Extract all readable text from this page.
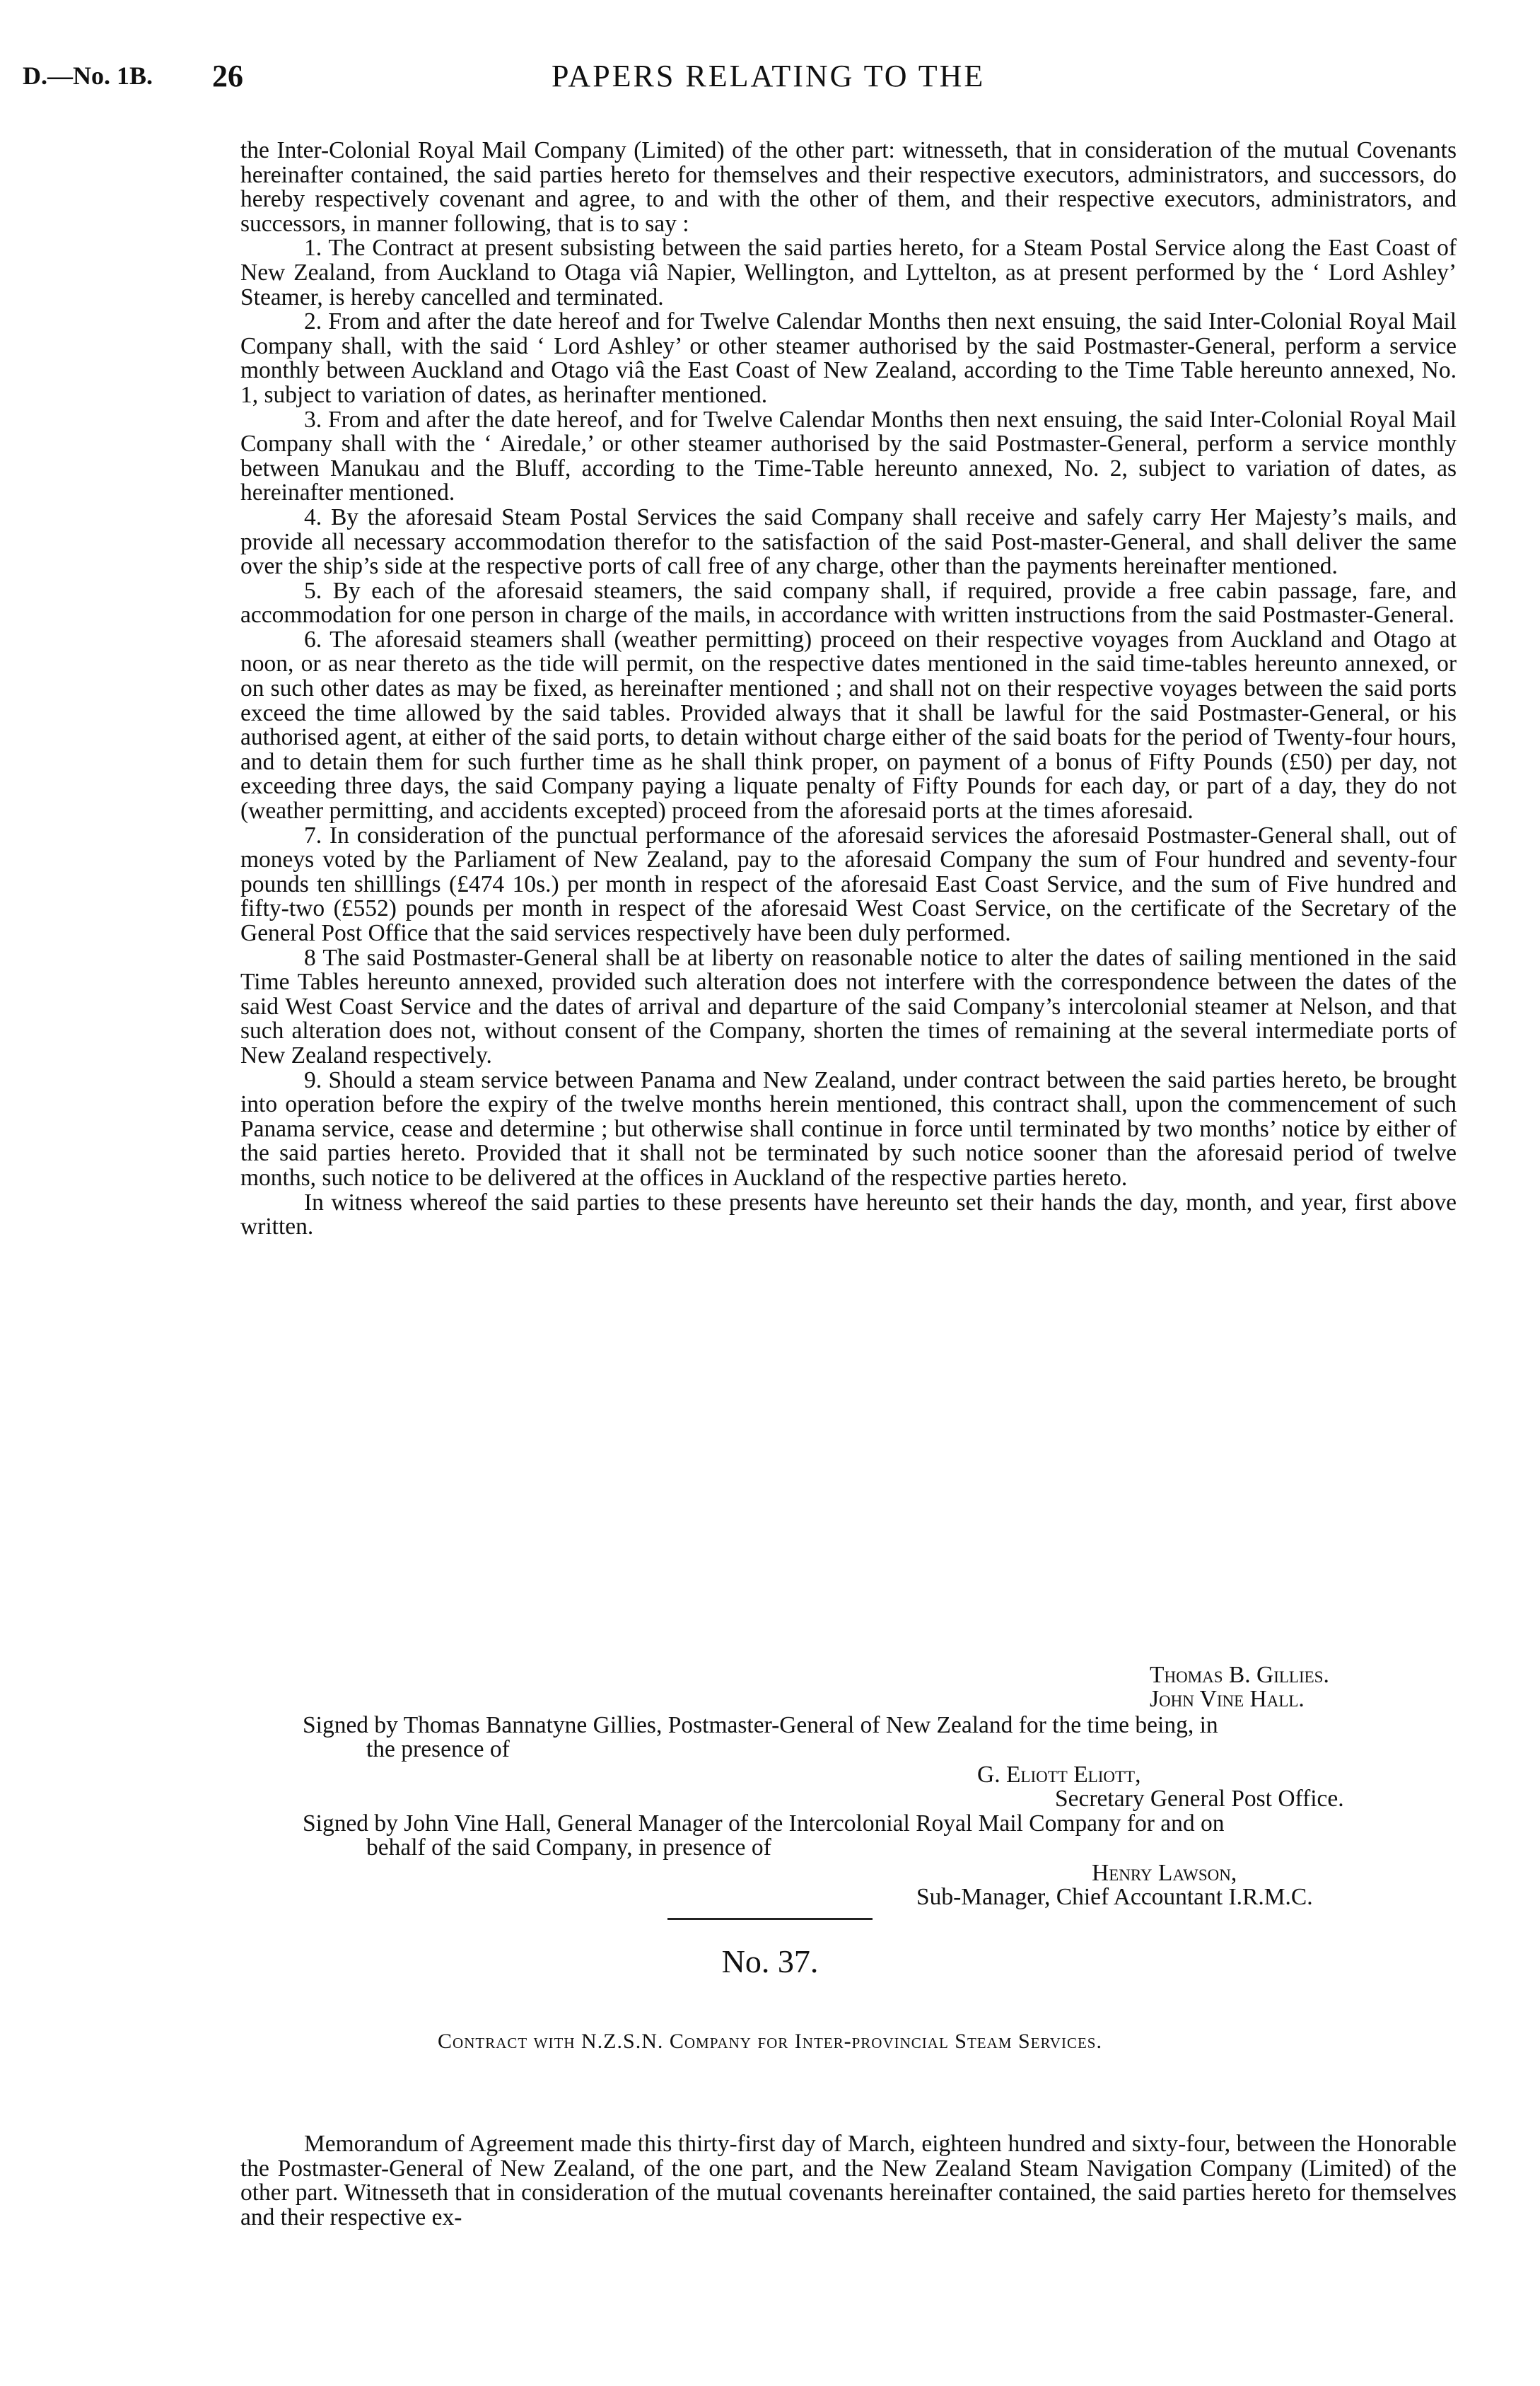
D.—No. 1B. 26	PAPERS RELATING TO THE

the Inter-Colonial Royal Mail Company (Limited) of the other part: witnesseth, that in consideration of the mutual Covenants hereinafter contained, the said parties hereto for themselves and their respective executors, administrators, and successors, do hereby respectively covenant and agree, to and with the other of them, and their respective executors, administrators, and successors, in manner following, that is to say :

1. The Contract at present subsisting between the said parties hereto, for a Steam Postal Service along the East Coast of New Zealand, from Auckland to Otaga viâ Napier, Wellington, and Lyttelton, as at present performed by the ‘ Lord Ashley’ Steamer, is hereby cancelled and terminated.

2. From and after the date hereof and for Twelve Calendar Months then next ensuing, the said Inter-Colonial Royal Mail Company shall, with the said ‘ Lord Ashley’ or other steamer authorised by the said Postmaster-General, perform a service monthly between Auckland and Otago viâ the East Coast of New Zealand, according to the Time Table hereunto annexed, No. 1, subject to variation of dates, as herinafter mentioned.

3. From and after the date hereof, and for Twelve Calendar Months then next ensuing, the said Inter-Colonial Royal Mail Company shall with the ‘ Airedale,’ or other steamer authorised by the said Postmaster-General, perform a service monthly between Manukau and the Bluff, according to the Time-Table hereunto annexed, No. 2, subject to variation of dates, as hereinafter mentioned.

4. By the aforesaid Steam Postal Services the said Company shall receive and safely carry Her Majesty’s mails, and provide all necessary accommodation therefor to the satisfaction of the said Post-master-General, and shall deliver the same over the ship’s side at the respective ports of call free of any charge, other than the payments hereinafter mentioned.

5. By each of the aforesaid steamers, the said company shall, if required, provide a free cabin passage, fare, and accommodation for one person in charge of the mails, in accordance with written instructions from the said Postmaster-General.

6. The aforesaid steamers shall (weather permitting) proceed on their respective voyages from Auckland and Otago at noon, or as near thereto as the tide will permit, on the respective dates mentioned in the said time-tables hereunto annexed, or on such other dates as may be fixed, as hereinafter mentioned ; and shall not on their respective voyages between the said ports exceed the time allowed by the said tables. Provided always that it shall be lawful for the said Postmaster-General, or his authorised agent, at either of the said ports, to detain without charge either of the said boats for the period of Twenty-four hours, and to detain them for such further time as he shall think proper, on payment of a bonus of Fifty Pounds (£50) per day, not exceeding three days, the said Company paying a liquate penalty of Fifty Pounds for each day, or part of a day, they do not (weather permitting, and accidents excepted) proceed from the aforesaid ports at the times aforesaid.

7. In consideration of the punctual performance of the aforesaid services the aforesaid Postmaster-General shall, out of moneys voted by the Parliament of New Zealand, pay to the aforesaid Company the sum of Four hundred and seventy-four pounds ten shilllings (£474 10s.) per month in respect of the aforesaid East Coast Service, and the sum of Five hundred and fifty-two (£552) pounds per month in respect of the aforesaid West Coast Service, on the certificate of the Secretary of the General Post Office that the said services respectively have been duly performed.

8 The said Postmaster-General shall be at liberty on reasonable notice to alter the dates of sailing mentioned in the said Time Tables hereunto annexed, provided such alteration does not interfere with the correspondence between the dates of the said West Coast Service and the dates of arrival and departure of the said Company’s intercolonial steamer at Nelson, and that such alteration does not, without consent of the Company, shorten the times of remaining at the several intermediate ports of New Zealand respectively.

9. Should a steam service between Panama and New Zealand, under contract between the said parties hereto, be brought into operation before the expiry of the twelve months herein mentioned, this contract shall, upon the commencement of such Panama service, cease and determine ; but otherwise shall continue in force until terminated by two months’ notice by either of the said parties hereto. Provided that it shall not be terminated by such notice sooner than the aforesaid period of twelve months, such notice to be delivered at the offices in Auckland of the respective parties hereto.

In witness whereof the said parties to these presents have hereunto set their hands the day, month, and year, first above written.

Thomas B. Gillies.
John Vine Hall.
Signed by Thomas Bannatyne Gillies, Postmaster-General of New Zealand for the time being, in
the presence of
G. Eliott Eliott,
Secretary General Post Office.
Signed by John Vine Hall, General Manager of the Intercolonial Royal Mail Company for and on
behalf of the said Company, in presence of
Henry Lawson,
Sub-Manager, Chief Accountant I.R.M.C.
No. 37.
Contract with N.Z.S.N. Company for Inter-provincial Steam Services.

Memorandum of Agreement made this thirty-first day of March, eighteen hundred and sixty-four, between the Honorable the Postmaster-General of New Zealand, of the one part, and the New Zealand Steam Navigation Company (Limited) of the other part. Witnesseth that in consideration of the mutual covenants hereinafter contained, the said parties hereto for themselves and their respective ex-
